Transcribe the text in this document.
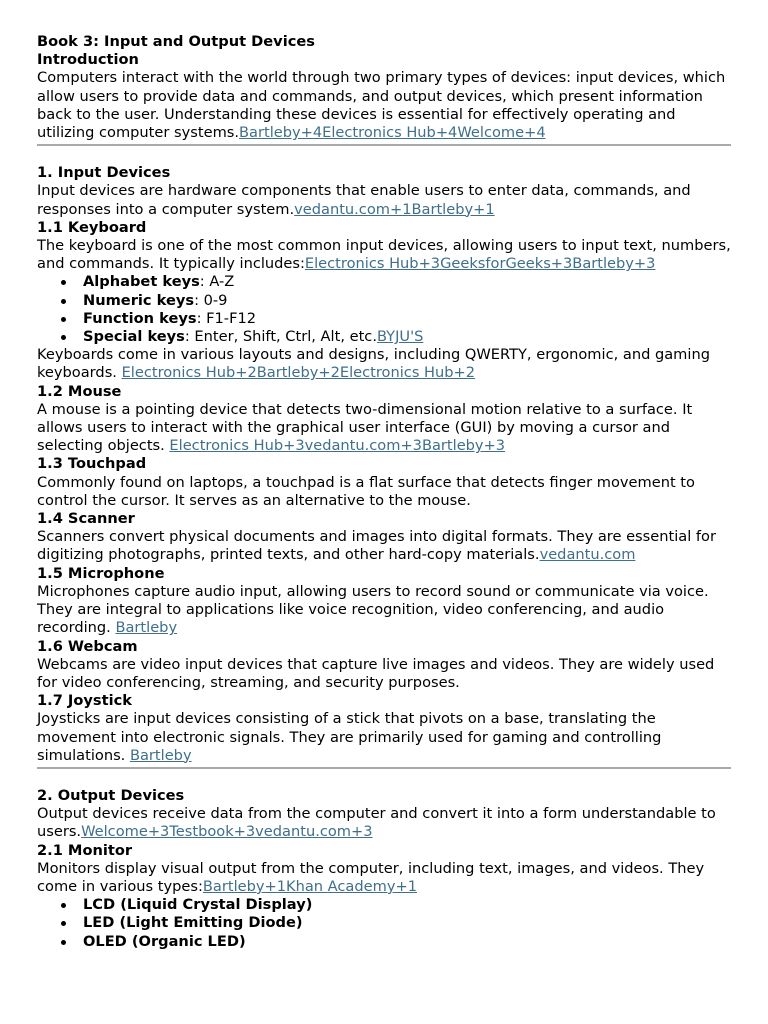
Book 3: Input and Output Devices
Introduction

Computers interact with the world through two primary types of devices: input devices, which allow users to provide data and commands, and output devices, which present information back to the user. Understanding these devices is essential for effectively operating and utilizing computer systems.Bartleby+4Electronics Hub+4Welcome+4

1. Input Devices

Input devices are hardware components that enable users to enter data, commands, and responses into a computer system.vedantu.com+1Bartleby+1

1.1 Keyboard

The keyboard is one of the most common input devices, allowing users to input text, numbers, and commands. It typically includes:Electronics Hub+3GeeksforGeeks+3Bartleby+3

Alphabet keys: A-Z
Numeric keys: 0-9
Function keys: F1-F12
Special keys: Enter, Shift, Ctrl, Alt, etc.BYJU'S

Keyboards come in various layouts and designs, including QWERTY, ergonomic, and gaming keyboards. Electronics Hub+2Bartleby+2Electronics Hub+2

1.2 Mouse

A mouse is a pointing device that detects two-dimensional motion relative to a surface. It allows users to interact with the graphical user interface (GUI) by moving a cursor and selecting objects. Electronics Hub+3vedantu.com+3Bartleby+3

1.3 Touchpad

Commonly found on laptops, a touchpad is a flat surface that detects finger movement to control the cursor. It serves as an alternative to the mouse.

1.4 Scanner

Scanners convert physical documents and images into digital formats. They are essential for digitizing photographs, printed texts, and other hard-copy materials.vedantu.com

1.5 Microphone

Microphones capture audio input, allowing users to record sound or communicate via voice. They are integral to applications like voice recognition, video conferencing, and audio recording. Bartleby

1.6 Webcam

Webcams are video input devices that capture live images and videos. They are widely used for video conferencing, streaming, and security purposes.

1.7 Joystick

Joysticks are input devices consisting of a stick that pivots on a base, translating the movement into electronic signals. They are primarily used for gaming and controlling simulations. Bartleby

2. Output Devices

Output devices receive data from the computer and convert it into a form understandable to users.Welcome+3Testbook+3vedantu.com+3

2.1 Monitor

Monitors display visual output from the computer, including text, images, and videos. They come in various types:Bartleby+1Khan Academy+1

LCD (Liquid Crystal Display)
LED (Light Emitting Diode)
OLED (Organic LED)
